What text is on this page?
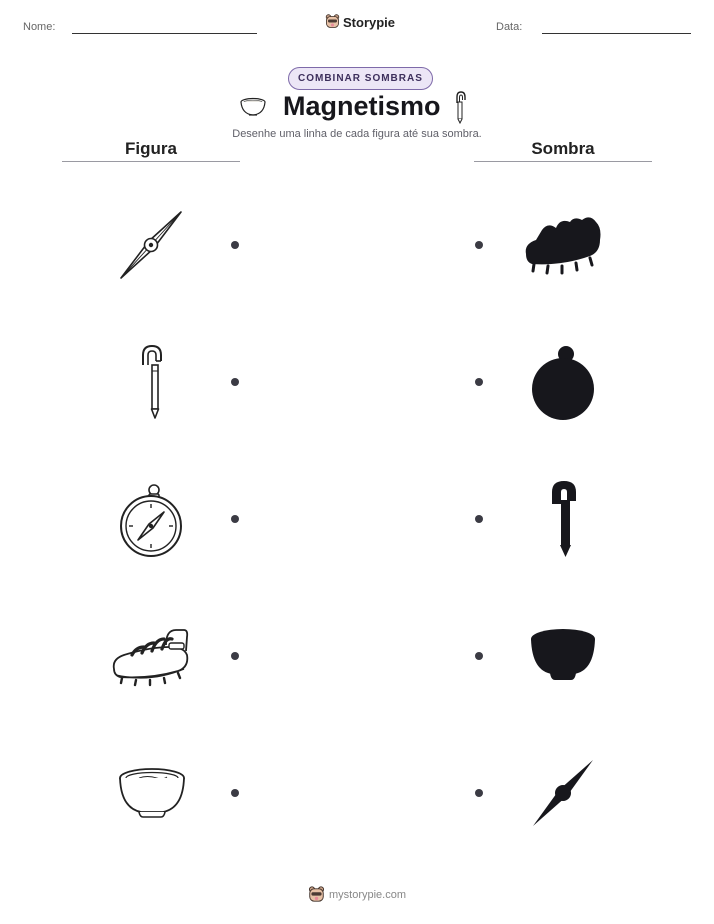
Nome:	Storypie	Data:
COMBINAR SOMBRAS
Magnetismo
Desenhe uma linha de cada figura até sua sombra.
Figura	Sombra
mystorypie.com
